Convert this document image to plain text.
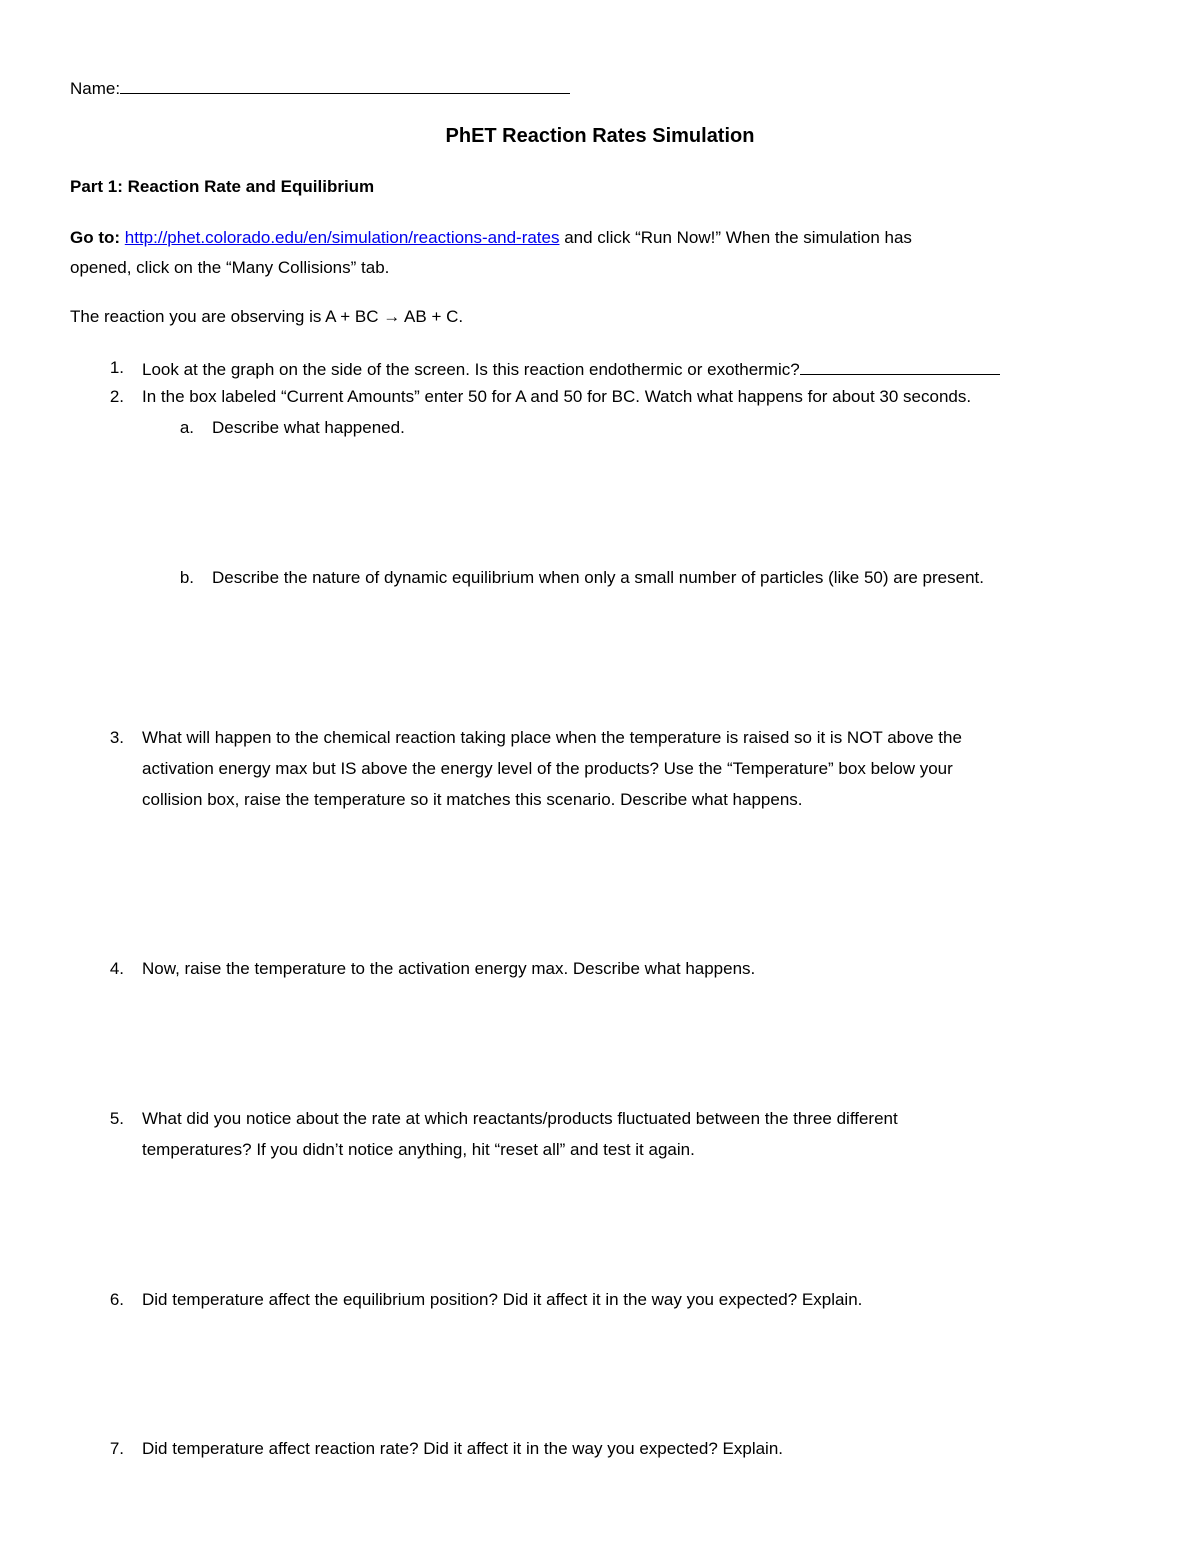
Name:
PhET Reaction Rates Simulation
Part 1: Reaction Rate and Equilibrium
Go to: http://phet.colorado.edu/en/simulation/reactions-and-rates and click “Run Now!” When the simulation has
opened, click on the “Many Collisions” tab.
The reaction you are observing is A + BC → AB + C.
1. Look at the graph on the side of the screen. Is this reaction endothermic or exothermic?
2. In the box labeled “Current Amounts” enter 50 for A and 50 for BC. Watch what happens for about 30 seconds.
a. Describe what happened.
b. Describe the nature of dynamic equilibrium when only a small number of particles (like 50) are present.
3. What will happen to the chemical reaction taking place when the temperature is raised so it is NOT above the
activation energy max but IS above the energy level of the products? Use the “Temperature” box below your
collision box, raise the temperature so it matches this scenario. Describe what happens.
4. Now, raise the temperature to the activation energy max. Describe what happens.
5. What did you notice about the rate at which reactants/products fluctuated between the three different
temperatures? If you didn’t notice anything, hit “reset all” and test it again.
6. Did temperature affect the equilibrium position? Did it affect it in the way you expected? Explain.
7. Did temperature affect reaction rate? Did it affect it in the way you expected? Explain.
